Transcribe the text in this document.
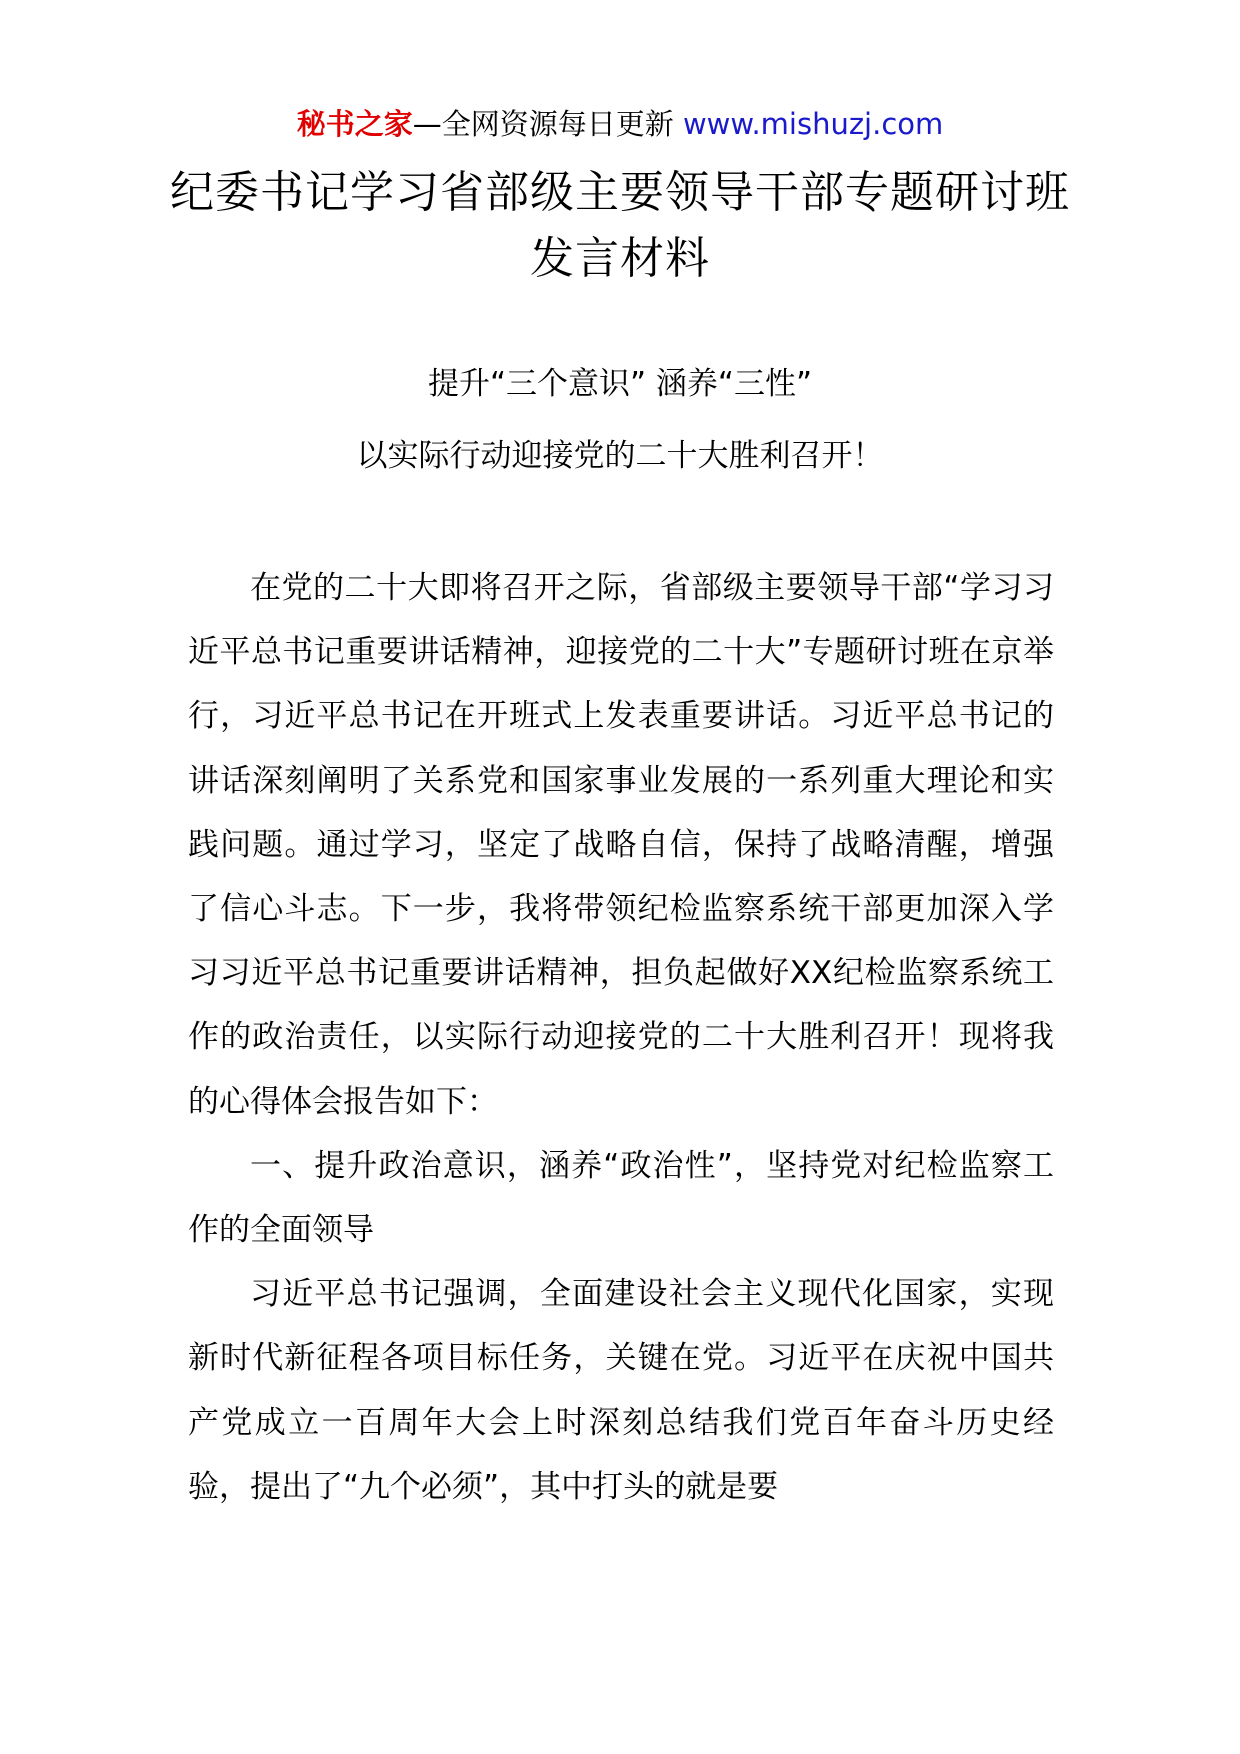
秘书之家—全网资源每日更新 www.mishuzj.com
纪委书记学习省部级主要领导干部专题研讨班发言材料
提升“三个意识” 涵养“三性”
以实际行动迎接党的二十大胜利召开！

在党的二十大即将召开之际，省部级主要领导干部“学习习近平总书记重要讲话精神，迎接党的二十大”专题研讨班在京举行，习近平总书记在开班式上发表重要讲话。习近平总书记的讲话深刻阐明了关系党和国家事业发展的一系列重大理论和实践问题。通过学习，坚定了战略自信，保持了战略清醒，增强了信心斗志。下一步，我将带领纪检监察系统干部更加深入学习习近平总书记重要讲话精神，担负起做好XX纪检监察系统工作的政治责任，以实际行动迎接党的二十大胜利召开！现将我的心得体会报告如下：

一、提升政治意识，涵养“政治性”，坚持党对纪检监察工作的全面领导

习近平总书记强调，全面建设社会主义现代化国家，实现新时代新征程各项目标任务，关键在党。习近平在庆祝中国共产党成立一百周年大会上时深刻总结我们党百年奋斗历史经验，提出了“九个必须”，其中打头的就是要
